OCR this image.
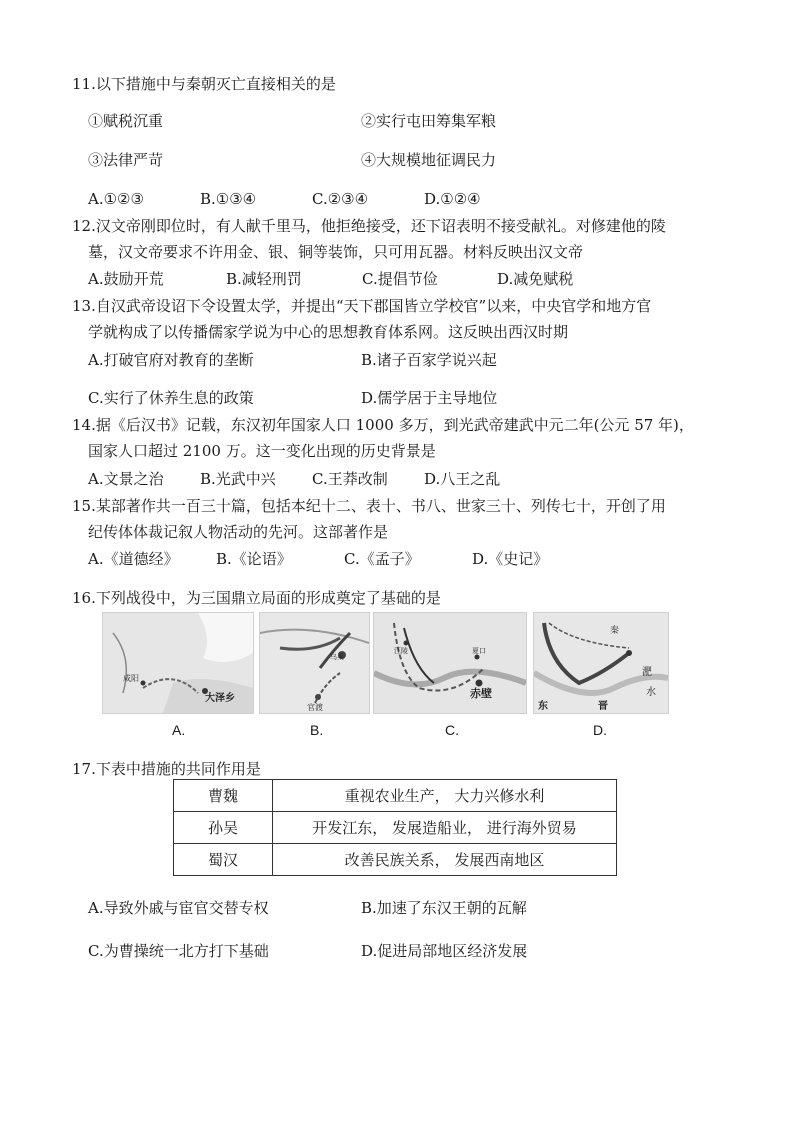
11.以下措施中与秦朝灭亡直接相关的是
①赋税沉重	②实行屯田筹集军粮
③法律严苛	④大规模地征调民力
A.①②③	B.①③④	C.②③④	D.①②④
12.汉文帝刚即位时，有人献千里马，他拒绝接受，还下诏表明不接受献礼。对修建他的陵
墓，汉文帝要求不许用金、银、铜等装饰，只可用瓦器。材料反映出汉文帝
A.鼓励开荒	B.减轻刑罚	C.提倡节俭	D.减免赋税
13.自汉武帝设诏下令设置太学，并提出“天下郡国皆立学校官”以来，中央官学和地方官
学就构成了以传播儒家学说为中心的思想教育体系网。这反映出西汉时期
A.打破官府对教育的垄断	B.诸子百家学说兴起
C.实行了休养生息的政策	D.儒学居于主导地位
14.据《后汉书》记载，东汉初年国家人口 1000 多万，到光武帝建武中元二年(公元 57 年)，
国家人口超过 2100 万。这一变化出现的历史背景是
A.文景之治 B.光武中兴 C.王莽改制 D.八王之乱
15.某部著作共一百三十篇，包括本纪十二、表十、书八、世家三十、列传七十，开创了用
纪传体体裁记叙人物活动的先河。这部著作是
A.《道德经》 B.《论语》	C.《孟子》	D.《史记》
16.下列战役中，为三国鼎立局面的形成奠定了基础的是
咸阳
大泽乡
乌巢
官渡
江陵	夏口
赤壁
秦
淝
水
东	晋
A.	B.	C.	D.
17.下表中措施的共同作用是
曹魏	重视农业生产， 大力兴修水利
孙吴	开发江东， 发展造船业， 进行海外贸易
蜀汉	改善民族关系， 发展西南地区
A.导致外戚与宦官交替专权	B.加速了东汉王朝的瓦解
C.为曹操统一北方打下基础	D.促进局部地区经济发展
